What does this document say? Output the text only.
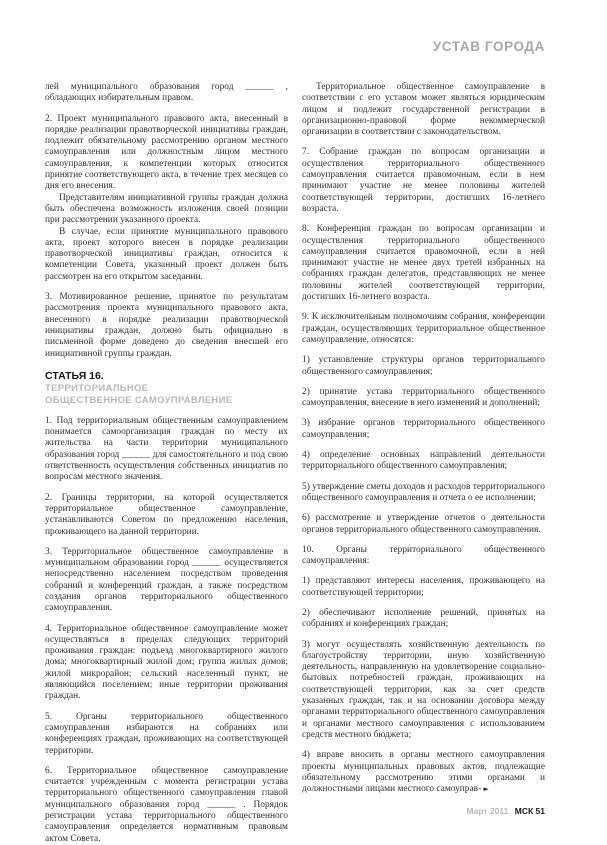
УСТАВ ГОРОДА

лей муниципального образования город ______ , обладающих избирательным правом.

2. Проект муниципального правового акта, внесенный в порядке реализации правотворческой инициативы граждан, подлежит обязательному рассмотрению органом местного самоуправления или должностным лицом местного самоуправления, к компетенции которых относится принятие соответствующего акта, в течение трех месяцев со дня его внесения.

Представителям инициативной группы граждан должна быть обеспечена возможность изложения своей позиции при рассмотрении указанного проекта.

В случае, если принятие муниципального правового акта, проект которого внесен в порядке реализации правотворческой инициативы граждан, относится к компетенции Совета, указанный проект должен быть рассмотрен на его открытом заседании.

3. Мотивированное решение, принятое по результатам рассмотрения проекта муниципального правового акта, внесенного в порядке реализации правотворческой инициативы граждан, должно быть официально в письменной форме доведено до сведения внесшей его инициативной группы граждан.

СТАТЬЯ 16.
ТЕРРИТОРИАЛЬНОЕ
ОБЩЕСТВЕННОЕ САМОУПРАВЛЕНИЕ

1. Под территориальным общественным самоуправлением понимается самоорганизация граждан по месту их жительства на части территории муниципального образования город ______ для самостоятельного и под свою ответственность осуществления собственных инициатив по вопросам местного значения.

2. Границы территории, на которой осуществляется территориальное общественное самоуправление, устанавливаются Советом по предложению населения, проживающего на данной территории.

3. Территориальное общественное самоуправление в муниципальном образовании город ______ осуществляется непосредственно населением посредством проведения собраний и конференций граждан, а также посредством создания органов территориального общественного самоуправления.

4. Территориальное общественное самоуправление может осуществляться в пределах следующих территорий проживания граждан: подъезд многоквартирного жилого дома; многоквартирный жилой дом; группа жилых домов; жилой микрорайон; сельский населенный пункт, не являющийся поселением; иные территории проживания граждан.

5. Органы территориального общественного самоуправления избираются на собраниях или конференциях граждан, проживающих на соответствующей территории.

6. Территориальное общественное самоуправление считается учрежденным с момента регистрации устава территориального общественного самоуправления главой муниципального образования город ______ . Порядок регистрации устава территориального общественного самоуправления определяется нормативным правовым актом Совета.

Территориальное общественное самоуправление в соответствии с его уставом может являться юридическим лицом и подлежит государственной регистрации в организационно-правовой форме некоммерческой организации в соответствии с законодательством.

7. Собрание граждан по вопросам организации и осуществления территориального общественного самоуправления считается правомочным, если в нем принимают участие не менее половины жителей соответствующей территории, достигших 16-летнего возраста.

8. Конференция граждан по вопросам организации и осуществления территориального общественного самоуправления считается правомочной, если в ней принимают участие не менее двух третей избранных на собраниях граждан делегатов, представляющих не менее половины жителей соответствующей территории, достигших 16-летнего возраста.

9. К исключительным полномочиям собрания, конференции граждан, осуществляющих территориальное общественное самоуправление, относятся:

1) установление структуры органов территориального общественного самоуправления;

2) принятие устава территориального общественного самоуправления, внесение в него изменений и дополнений;

3) избрание органов территориального общественного самоуправления;

4) определение основных направлений деятельности территориального общественного самоуправления;

5) утверждение сметы доходов и расходов территориального общественного самоуправления и отчета о ее исполнении;

6) рассмотрение и утверждение отчетов о деятельности органов территориального общественного самоуправления.

10. Органы территориального общественного самоуправления:

1) представляют интересы населения, проживающего на соответствующей территории;

2) обеспечивают исполнение решений, принятых на собраниях и конференциях граждан;

3) могут осуществлять хозяйственную деятельность по благоустройству территории, иную хозяйственную деятельность, направленную на удовлетворение социально-бытовых потребностей граждан, проживающих на соответствующей территории, как за счет средств указанных граждан, так и на основании договора между органами территориального общественного самоуправления и органами местного самоуправления с использованием средств местного бюджета;

4) вправе вносить в органы местного самоуправления проекты муниципальных правовых актов, подлежащие обязательному рассмотрению этими органами и должностными лицами местного самоуправ- ►

Март 2011 МСК 51
